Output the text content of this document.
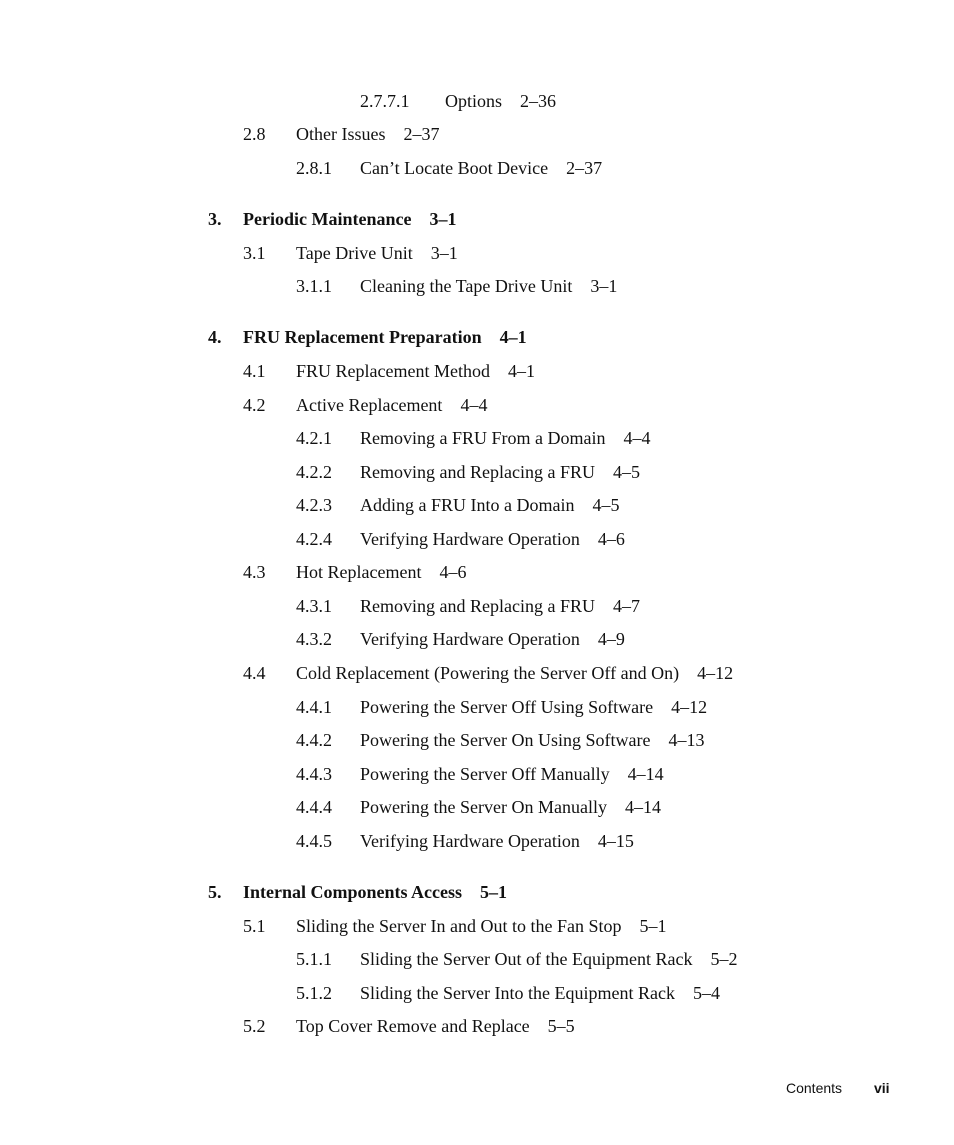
2.7.7.1 Options 2–36
2.8 Other Issues 2–37
2.8.1 Can’t Locate Boot Device 2–37
3. Periodic Maintenance 3–1
3.1 Tape Drive Unit 3–1
3.1.1 Cleaning the Tape Drive Unit 3–1
4. FRU Replacement Preparation 4–1
4.1 FRU Replacement Method 4–1
4.2 Active Replacement 4–4
4.2.1 Removing a FRU From a Domain 4–4
4.2.2 Removing and Replacing a FRU 4–5
4.2.3 Adding a FRU Into a Domain 4–5
4.2.4 Verifying Hardware Operation 4–6
4.3 Hot Replacement 4–6
4.3.1 Removing and Replacing a FRU 4–7
4.3.2 Verifying Hardware Operation 4–9
4.4 Cold Replacement (Powering the Server Off and On) 4–12
4.4.1 Powering the Server Off Using Software 4–12
4.4.2 Powering the Server On Using Software 4–13
4.4.3 Powering the Server Off Manually 4–14
4.4.4 Powering the Server On Manually 4–14
4.4.5 Verifying Hardware Operation 4–15
5. Internal Components Access 5–1
5.1 Sliding the Server In and Out to the Fan Stop 5–1
5.1.1 Sliding the Server Out of the Equipment Rack 5–2
5.1.2 Sliding the Server Into the Equipment Rack 5–4
5.2 Top Cover Remove and Replace 5–5
Contents vii
